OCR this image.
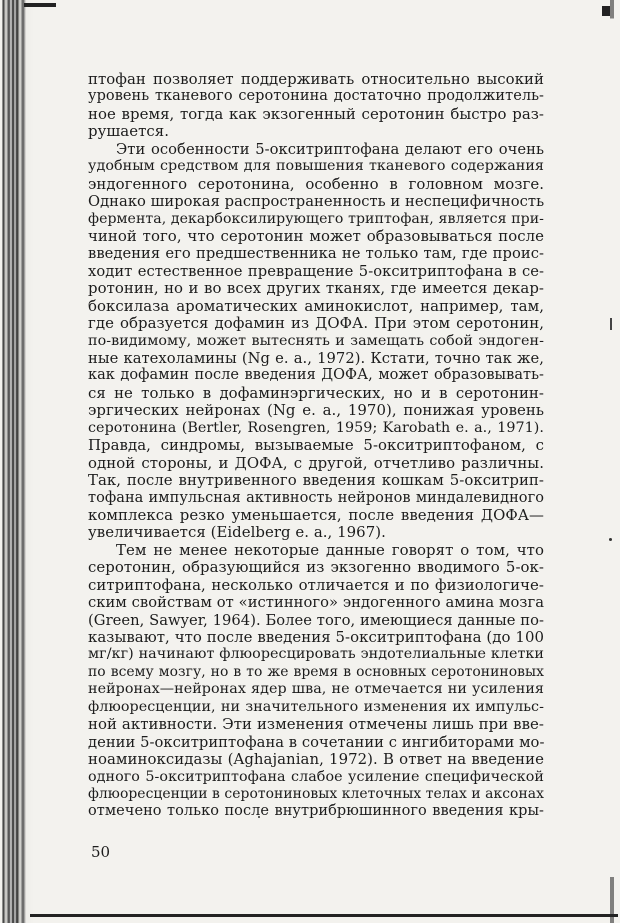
птофан позволяет поддерживать относительно высокий
уровень тканевого серотонина достаточно продолжитель-
ное время, тогда как экзогенный серотонин быстро раз-
рушается.
Эти особенности 5-окситриптофана делают его очень
удобным средством для повышения тканевого содержания
эндогенного серотонина, особенно в головном мозге.
Однако широкая распространенность и неспецифичность
фермента, декарбоксилирующего триптофан, является при-
чиной того, что серотонин может образовываться после
введения его предшественника не только там, где проис-
ходит естественное превращение 5-окситриптофана в се-
ротонин, но и во всех других тканях, где имеется декар-
боксилаза ароматических аминокислот, например, там,
где образуется дофамин из ДОФА. При этом серотонин,
по-видимому, может вытеснять и замещать собой эндоген-
ные катехоламины (Ng e. a., 1972). Кстати, точно так же,
как дофамин после введения ДОФА, может образовывать-
ся не только в дофаминэргических, но и в серотонин-
эргических нейронах (Ng e. a., 1970), понижая уровень
серотонина (Bertler, Rosengren, 1959; Karobath e. a., 1971).
Правда, синдромы, вызываемые 5-окситриптофаном, с
одной стороны, и ДОФА, с другой, отчетливо различны.
Так, после внутривенного введения кошкам 5-окситрип-
тофана импульсная активность нейронов миндалевидного
комплекса резко уменьшается, после введения ДОФА—
увеличивается (Eidelberg e. a., 1967).
Тем не менее некоторые данные говорят о том, что
серотонин, образующийся из экзогенно вводимого 5-ок-
ситриптофана, несколько отличается и по физиологиче-
ским свойствам от «истинного» эндогенного амина мозга
(Green, Sawyer, 1964). Более того, имеющиеся данные по-
казывают, что после введения 5-окситриптофана (до 100
мг/кг) начинают флюоресцировать эндотелиальные клетки
по всему мозгу, но в то же время в основных серотониновых
нейронах—нейронах ядер шва, не отмечается ни усиления
флюоресценции, ни значительного изменения их импульс-
ной активности. Эти изменения отмечены лишь при вве-
дении 5-окситриптофана в сочетании с ингибиторами мо-
ноаминоксидазы (Aghajanian, 1972). В ответ на введение
одного 5-окситриптофана слабое усиление специфической
флюоресценции в серотониновых клеточных телах и аксонах
отмечено только после внутрибрюшинного введения кры-
50
